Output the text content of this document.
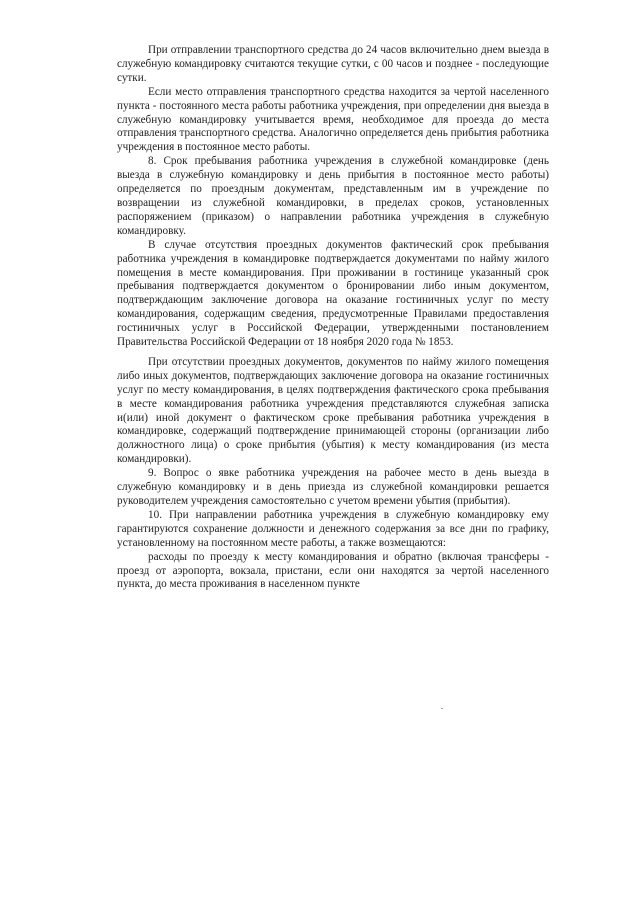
При отправлении транспортного средства до 24 часов включительно днем выезда в служебную командировку считаются текущие сутки, с 00 часов и позднее - последующие сутки.

Если место отправления транспортного средства находится за чертой населенного пункта - постоянного места работы работника учреждения, при определении дня выезда в служебную командировку учитывается время, необходимое для проезда до места отправления транспортного средства. Аналогично определяется день прибытия работника учреждения в постоянное место работы.

8. Срок пребывания работника учреждения в служебной командировке (день выезда в служебную командировку и день прибытия в постоянное место работы) определяется по проездным документам, представленным им в учреждение по возвращении из служебной командировки, в пределах сроков, установленных распоряжением (приказом) о направлении работника учреждения в служебную командировку.

В случае отсутствия проездных документов фактический срок пребывания работника учреждения в командировке подтверждается документами по найму жилого помещения в месте командирования. При проживании в гостинице указанный срок пребывания подтверждается документом о бронировании либо иным документом, подтверждающим заключение договора на оказание гостиничных услуг по месту командирования, содержащим сведения, предусмотренные Правилами предоставления гостиничных услуг в Российской Федерации, утвержденными постановлением Правительства Российской Федерации от 18 ноября 2020 года № 1853.

При отсутствии проездных документов, документов по найму жилого помещения либо иных документов, подтверждающих заключение договора на оказание гостиничных услуг по месту командирования, в целях подтверждения фактического срока пребывания в месте командирования работника учреждения представляются служебная записка и(или) иной документ о фактическом сроке пребывания работника учреждения в командировке, содержащий подтверждение принимающей стороны (организации либо должностного лица) о сроке прибытия (убытия) к месту командирования (из места командировки).

9. Вопрос о явке работника учреждения на рабочее место в день выезда в служебную командировку и в день приезда из служебной командировки решается руководителем учреждения самостоятельно с учетом времени убытия (прибытия).

10. При направлении работника учреждения в служебную командировку ему гарантируются сохранение должности и денежного содержания за все дни по графику, установленному на постоянном месте работы, а также возмещаются:

расходы по проезду к месту командирования и обратно (включая трансферы - проезд от аэропорта, вокзала, пристани, если они находятся за чертой населенного пункта, до места проживания в населенном пункте
